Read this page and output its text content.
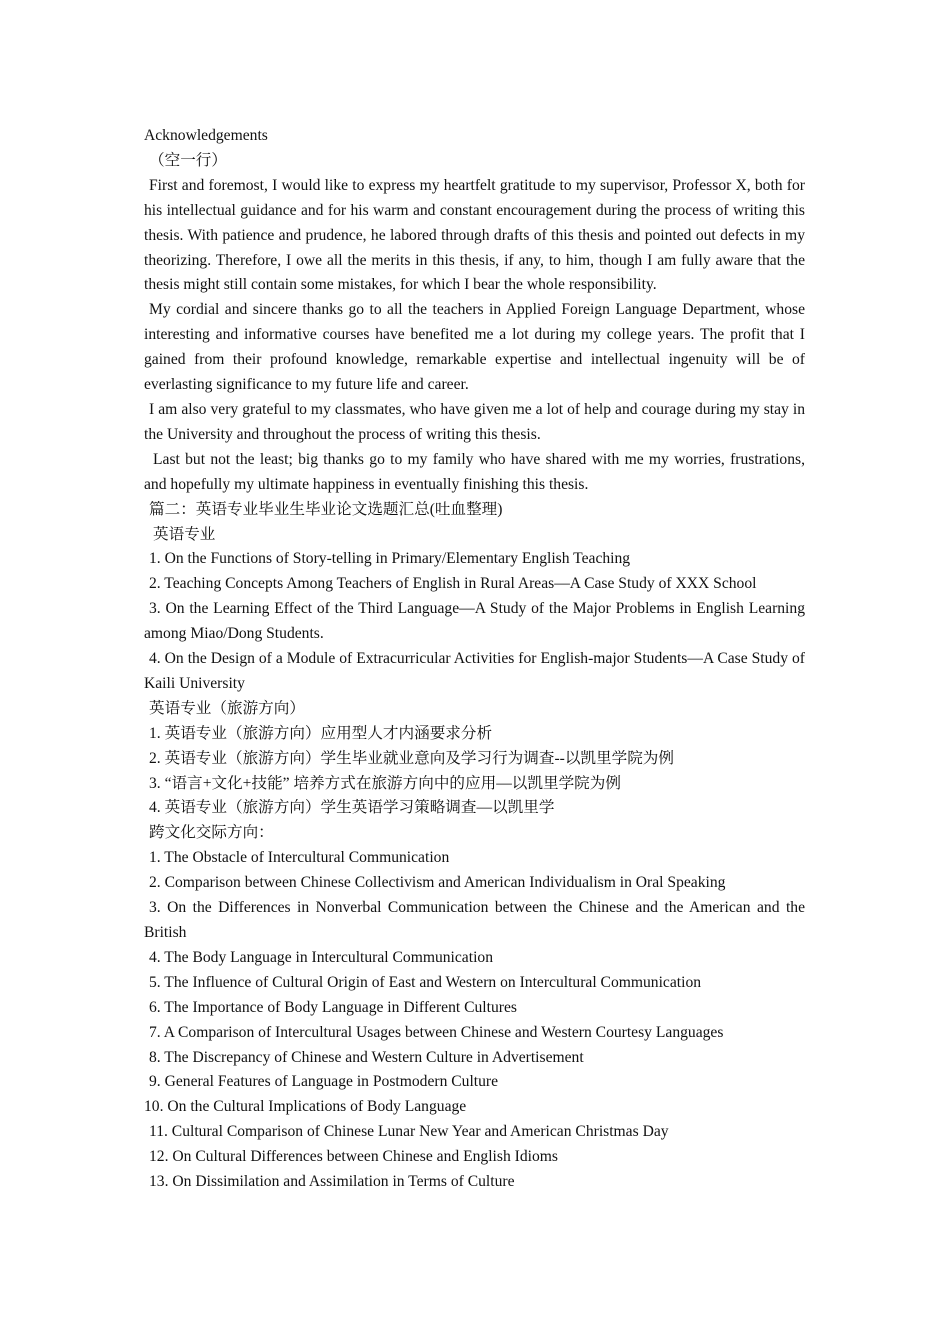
Acknowledgements

（空一行）

First and foremost, I would like to express my heartfelt gratitude to my supervisor, Professor X, both for his intellectual guidance and for his warm and constant encouragement during the process of writing this thesis. With patience and prudence, he labored through drafts of this thesis and pointed out defects in my theorizing. Therefore, I owe all the merits in this thesis, if any, to him, though I am fully aware that the thesis might still contain some mistakes, for which I bear the whole responsibility.

My cordial and sincere thanks go to all the teachers in Applied Foreign Language Department, whose interesting and informative courses have benefited me a lot during my college years. The profit that I gained from their profound knowledge, remarkable expertise and intellectual ingenuity will be of everlasting significance to my future life and career.

I am also very grateful to my classmates, who have given me a lot of help and courage during my stay in the University and throughout the process of writing this thesis.

Last but not the least; big thanks go to my family who have shared with me my worries, frustrations, and hopefully my ultimate happiness in eventually finishing this thesis.

篇二：英语专业毕业生毕业论文选题汇总(吐血整理)

英语专业

1. On the Functions of Story-telling in Primary/Elementary English Teaching

2. Teaching Concepts Among Teachers of English in Rural Areas—A Case Study of XXX School

3. On the Learning Effect of the Third Language—A Study of the Major Problems in English Learning among Miao/Dong Students.

4. On the Design of a Module of Extracurricular Activities for English-major Students—A Case Study of Kaili University

英语专业（旅游方向）

1. 英语专业（旅游方向）应用型人才内涵要求分析

2. 英语专业（旅游方向）学生毕业就业意向及学习行为调查--以凯里学院为例

3. “语言+文化+技能” 培养方式在旅游方向中的应用—以凯里学院为例

4. 英语专业（旅游方向）学生英语学习策略调查—以凯里学

跨文化交际方向：

1. The Obstacle of Intercultural Communication

2. Comparison between Chinese Collectivism and American Individualism in Oral Speaking

3. On the Differences in Nonverbal Communication between the Chinese and the American and the British

4. The Body Language in Intercultural Communication

5. The Influence of Cultural Origin of East and Western on Intercultural Communication

6. The Importance of Body Language in Different Cultures

7. A Comparison of Intercultural Usages between Chinese and Western Courtesy Languages

8. The Discrepancy of Chinese and Western Culture in Advertisement

9. General Features of Language in Postmodern Culture

10. On the Cultural Implications of Body Language

11. Cultural Comparison of Chinese Lunar New Year and American Christmas Day

12. On Cultural Differences between Chinese and English Idioms

13. On Dissimilation and Assimilation in Terms of Culture
